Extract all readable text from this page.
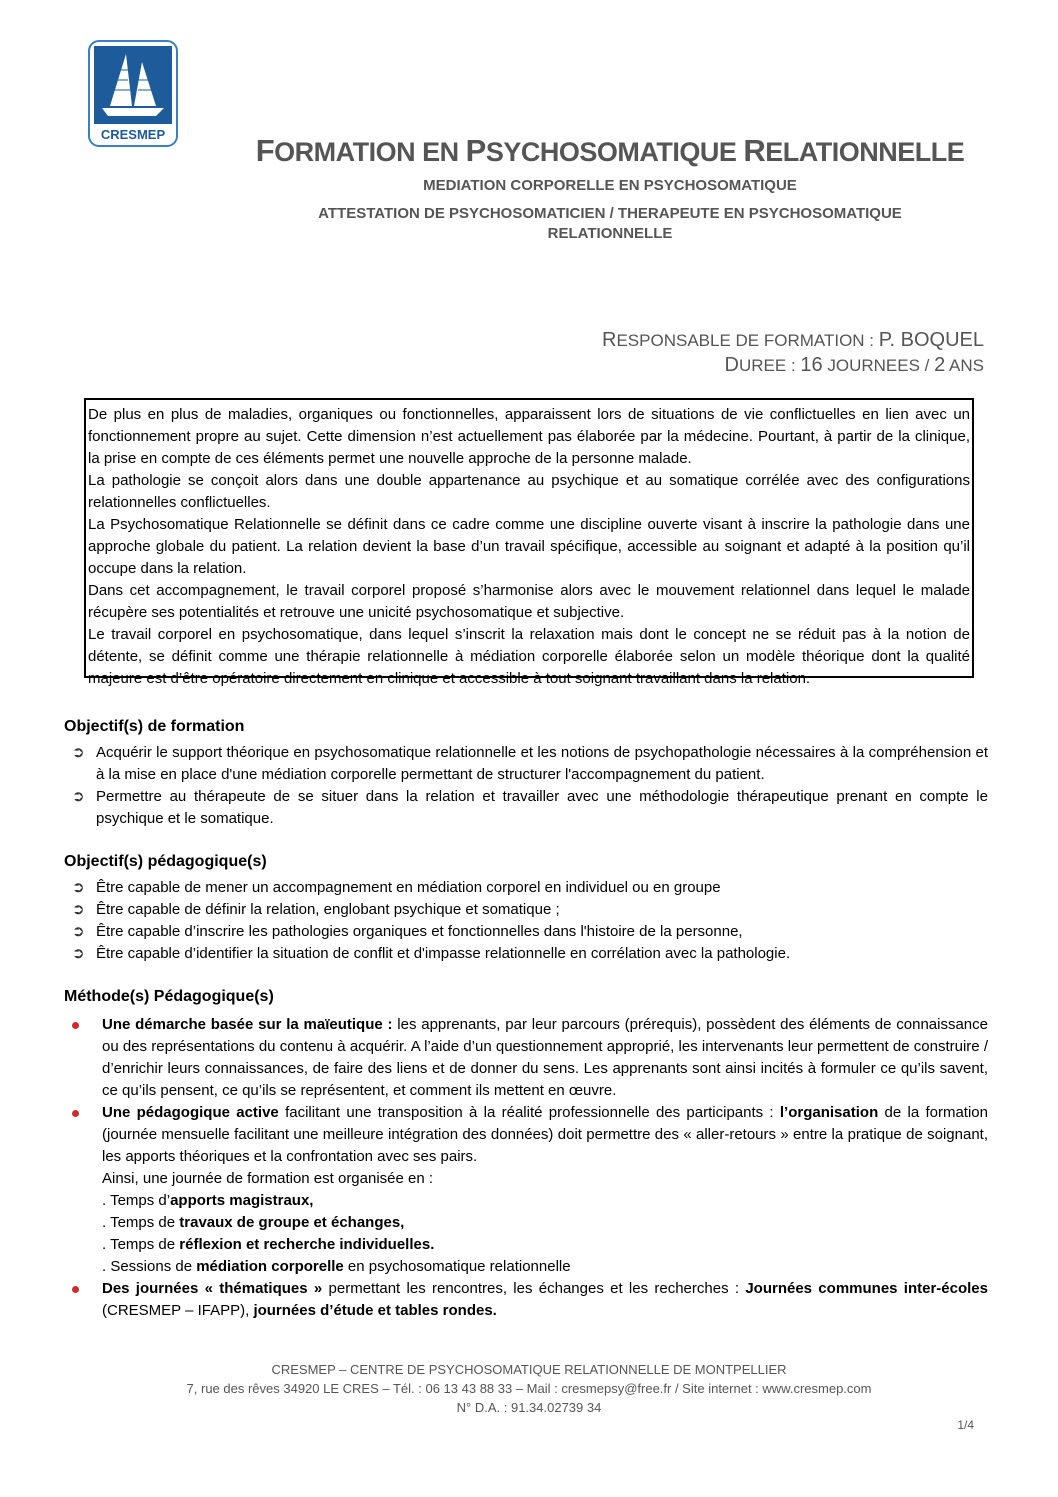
CRESMEP	FORMATION EN PSYCHOSOMATIQUE RELATIONNELLE

MEDIATION CORPORELLE EN PSYCHOSOMATIQUE

ATTESTATION DE PSYCHOSOMATICIEN / THERAPEUTE EN PSYCHOSOMATIQUE

RELATIONNELLE

RESPONSABLE DE FORMATION : P. BOQUEL
DUREE : 16 JOURNEES / 2 ANS

De plus en plus de maladies, organiques ou fonctionnelles, apparaissent lors de situations de vie conflictuelles en lien avec un fonctionnement propre au sujet. Cette dimension n’est actuellement pas élaborée par la médecine. Pourtant, à partir de la clinique, la prise en compte de ces éléments permet une nouvelle approche de la personne malade.

La pathologie se conçoit alors dans une double appartenance au psychique et au somatique corrélée avec des configurations relationnelles conflictuelles.

La Psychosomatique Relationnelle se définit dans ce cadre comme une discipline ouverte visant à inscrire la pathologie dans une approche globale du patient. La relation devient la base d’un travail spécifique, accessible au soignant et adapté à la position qu’il occupe dans la relation.

Dans cet accompagnement, le travail corporel proposé s’harmonise alors avec le mouvement relationnel dans lequel le malade récupère ses potentialités et retrouve une unicité psychosomatique et subjective.

Le travail corporel en psychosomatique, dans lequel s’inscrit la relaxation mais dont le concept ne se réduit pas à la notion de détente, se définit comme une thérapie relationnelle à médiation corporelle élaborée selon un modèle théorique dont la qualité majeure est d’être opératoire directement en clinique et accessible à tout soignant travaillant dans la relation.

Objectif(s) de formation
➲ Acquérir le support théorique en psychosomatique relationnelle et les notions de psychopathologie nécessaires à la compréhension et à la mise en place d'une médiation corporelle permettant de structurer l'accompagnement du patient.
➲ Permettre au thérapeute de se situer dans la relation et travailler avec une méthodologie thérapeutique prenant en compte le psychique et le somatique.
Objectif(s) pédagogique(s)
➲ Être capable de mener un accompagnement en médiation corporel en individuel ou en groupe
➲ Être capable de définir la relation, englobant psychique et somatique ;
➲ Être capable d’inscrire les pathologies organiques et fonctionnelles dans l'histoire de la personne,
➲ Être capable d’identifier la situation de conflit et d'impasse relationnelle en corrélation avec la pathologie.
Méthode(s) Pédagogique(s)
Une démarche basée sur la maïeutique : les apprenants, par leur parcours (prérequis), possèdent des éléments de connaissance ou des représentations du contenu à acquérir. A l’aide d’un questionnement approprié, les intervenants leur permettent de construire / d’enrichir leurs connaissances, de faire des liens et de donner du sens. Les apprenants sont ainsi incités à formuler ce qu’ils savent, ce qu’ils pensent, ce qu’ils se représentent, et comment ils mettent en œuvre.
Une pédagogique active facilitant une transposition à la réalité professionnelle des participants : l’organisation de la formation (journée mensuelle facilitant une meilleure intégration des données) doit permettre des « aller-retours » entre la pratique de soignant, les apports théoriques et la confrontation avec ses pairs.
Ainsi, une journée de formation est organisée en :
. Temps d’apports magistraux,
. Temps de travaux de groupe et échanges,
. Temps de réflexion et recherche individuelles.
. Sessions de médiation corporelle en psychosomatique relationnelle
Des journées « thématiques » permettant les rencontres, les échanges et les recherches : Journées communes inter-écoles (CRESMEP – IFAPP), journées d’étude et tables rondes.
CRESMEP – CENTRE DE PSYCHOSOMATIQUE RELATIONNELLE DE MONTPELLIER
7, rue des rêves 34920 LE CRES – Tél. : 06 13 43 88 33 – Mail : cresmepsy@free.fr / Site internet : www.cresmep.com
N° D.A. : 91.34.02739 34
1/4
